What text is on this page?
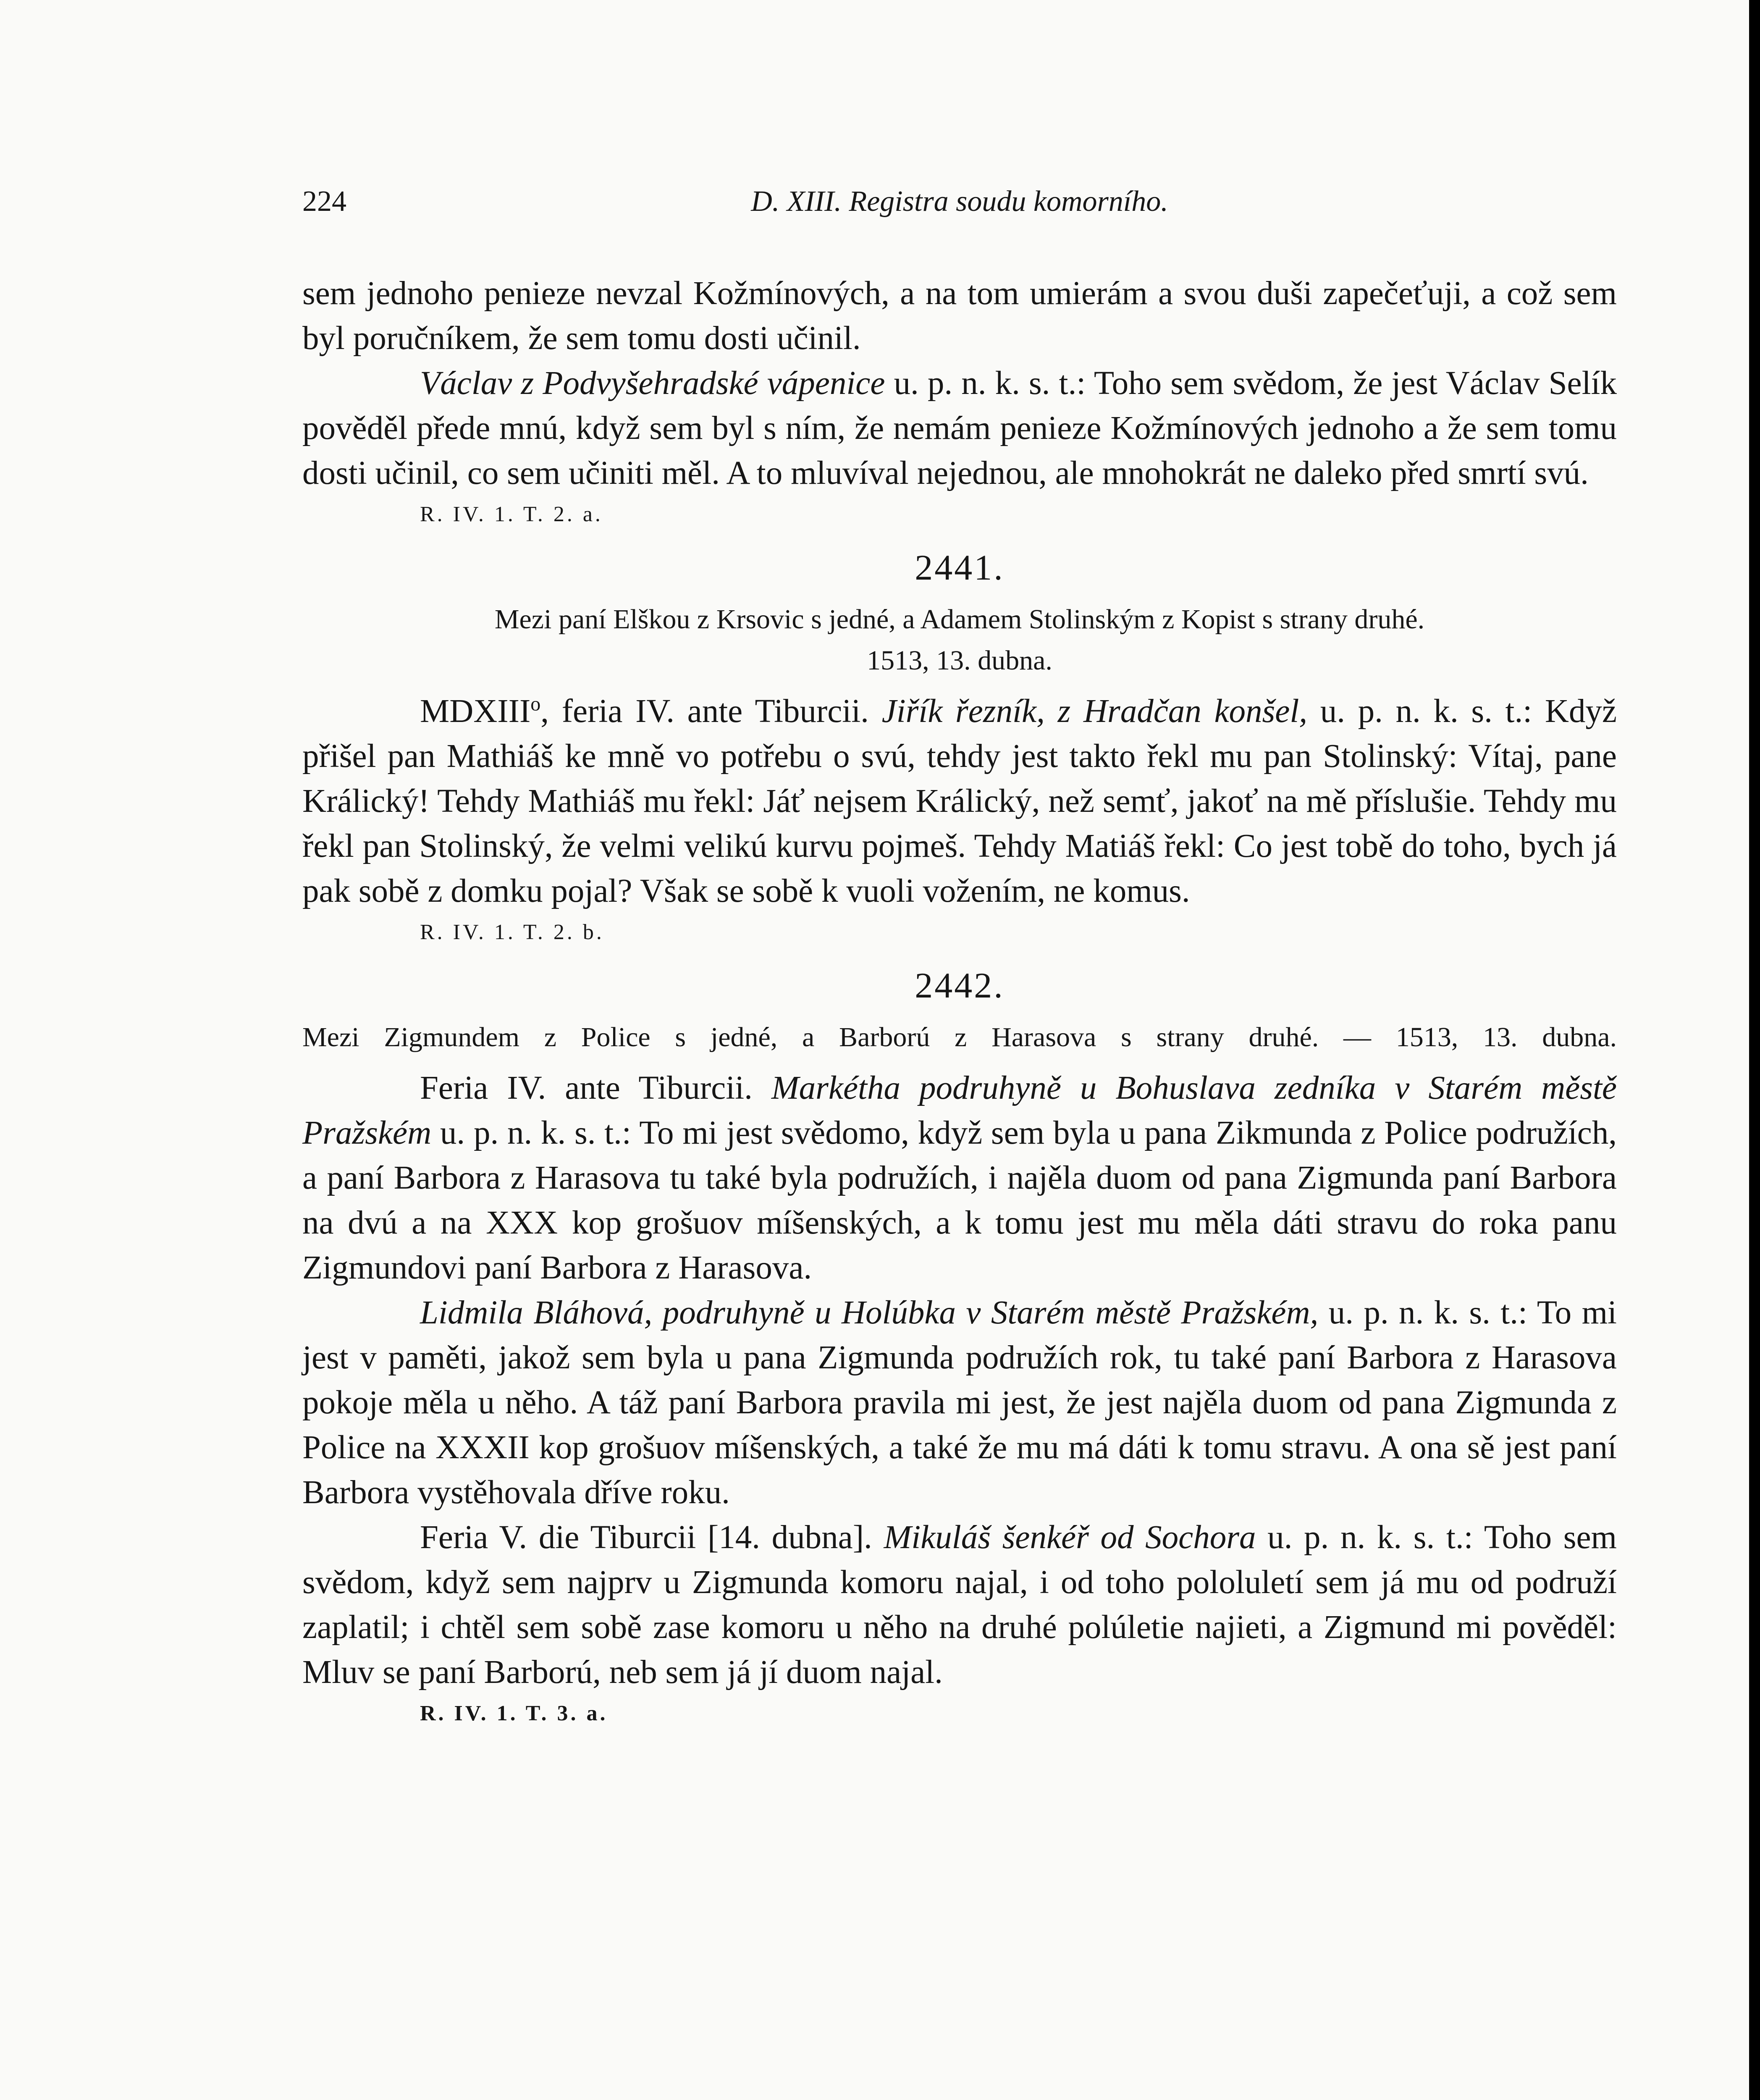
224	D. XIII. Registra soudu komorního.

sem jednoho penieze nevzal Kožmínových, a na tom umierám a svou duši zapečeťuji, a což sem byl poručníkem, že sem tomu dosti učinil.

Václav z Podvyšehradské vápenice u. p. n. k. s. t.: Toho sem svědom, že jest Václav Selík pověděl přede mnú, když sem byl s ním, že nemám penieze Kožmínových jednoho a že sem tomu dosti učinil, co sem učiniti měl. A to mluvíval nejednou, ale mnohokrát ne daleko před smrtí svú.

R. IV. 1. T. 2. a.
2441.
Mezi paní Elškou z Krsovic s jedné, a Adamem Stolinským z Kopist s strany druhé.
1513, 13. dubna.

MDXIII$^o$, feria IV. ante Tiburcii. Jiřík řezník, z Hradčan konšel, u. p. n. k. s. t.: Když přišel pan Mathiáš ke mně vo potřebu o svú, tehdy jest takto řekl mu pan Stolinský: Vítaj, pane Králický! Tehdy Mathiáš mu řekl: Jáť nejsem Králický, než semť, jakoť na mě příslušie. Tehdy mu řekl pan Stolinský, že velmi velikú kurvu pojmeš. Tehdy Matiáš řekl: Co jest tobě do toho, bych já pak sobě z domku pojal? Však se sobě k vuoli vožením, ne komus.

R. IV. 1. T. 2. b.
2442.
Mezi Zigmundem z Police s jedné, a Barború z Harasova s strany druhé. — 1513, 13. dubna.

Feria IV. ante Tiburcii. Markétha podruhyně u Bohuslava zedníka v Starém městě Pražském u. p. n. k. s. t.: To mi jest svědomo, když sem byla u pana Zikmunda z Police podružích, a paní Barbora z Harasova tu také byla podružích, i najěla duom od pana Zigmunda paní Barbora na dvú a na XXX kop grošuov míšenských, a k tomu jest mu měla dáti stravu do roka panu Zigmundovi paní Barbora z Harasova.

Lidmila Bláhová, podruhyně u Holúbka v Starém městě Pražském, u. p. n. k. s. t.: To mi jest v paměti, jakož sem byla u pana Zigmunda podružích rok, tu také paní Barbora z Harasova pokoje měla u něho. A táž paní Barbora pravila mi jest, že jest najěla duom od pana Zigmunda z Police na XXXII kop grošuov míšenských, a také že mu má dáti k tomu stravu. A ona sě jest paní Barbora vystěhovala dříve roku.

Feria V. die Tiburcii [14. dubna]. Mikuláš šenkéř od Sochora u. p. n. k. s. t.: Toho sem svědom, když sem najprv u Zigmunda komoru najal, i od toho pololuletí sem já mu od podruží zaplatil; i chtěl sem sobě zase komoru u něho na druhé polúletie najieti, a Zigmund mi pověděl: Mluv se paní Barború, neb sem já jí duom najal.

R. IV. 1. T. 3. a.
